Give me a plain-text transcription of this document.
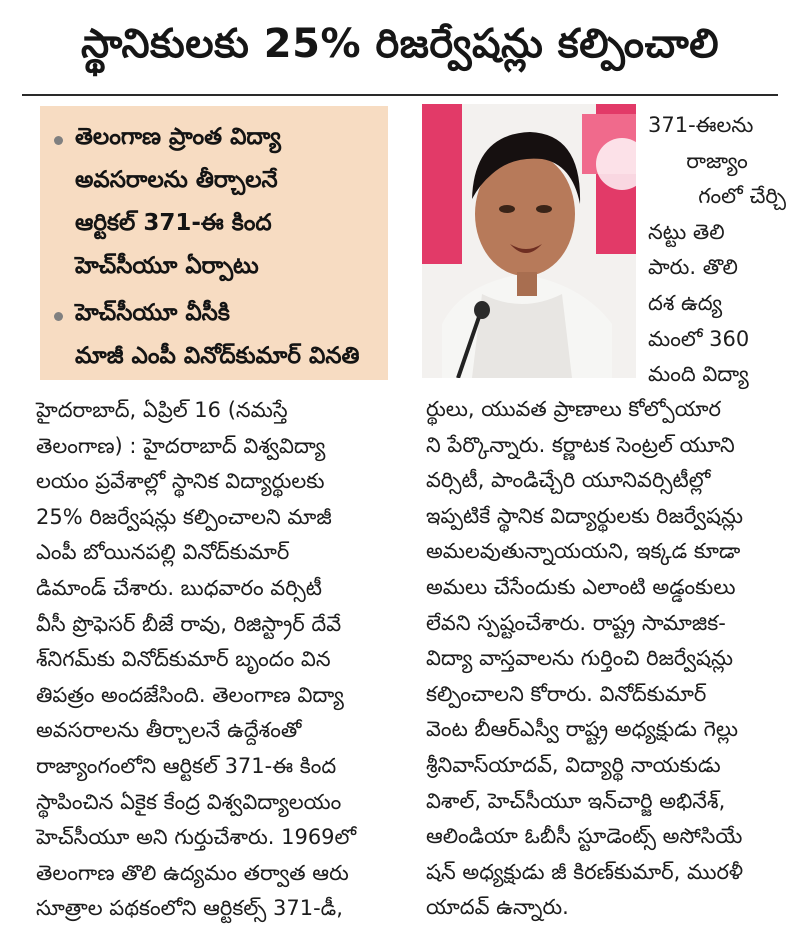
స్థానికులకు 25% రిజర్వేషన్లు కల్పించాలి
తెలంగాణ ప్రాంత విద్యా
అవసరాలను తీర్చాలనే
ఆర్టికల్ 371-ఈ కింద
హెచ్‌సీయూ ఏర్పాటు
హెచ్‌సీయూ వీసీకి
మాజీ ఎంపీ వినోద్‌కుమార్ వినతి
371-ఈలను
రాజ్యాం
గంలో చేర్చి
నట్టు తెలి
పారు. తొలి
దశ ఉద్య
మంలో 360
మంది విద్యా
హైదరాబాద్, ఏప్రిల్ 16 (నమస్తే
తెలంగాణ) : హైదరాబాద్ విశ్వవిద్యా
లయం ప్రవేశాల్లో స్థానిక విద్యార్థులకు
25% రిజర్వేషన్లు కల్పించాలని మాజీ
ఎంపీ బోయినపల్లి వినోద్‌కుమార్
డిమాండ్ చేశారు. బుధవారం వర్సిటీ
వీసీ ప్రొఫెసర్ బీజే రావు, రిజిస్ట్రార్ దేవే
శ్‌నిగమ్‌కు వినోద్‌కుమార్ బృందం విన
తిపత్రం అందజేసింది. తెలంగాణ విద్యా
అవసరాలను తీర్చాలనే ఉద్దేశంతో
రాజ్యాంగంలోని ఆర్టికల్ 371-ఈ కింద
స్థాపించిన ఏకైక కేంద్ర విశ్వవిద్యాలయం
హెచ్‌సీయూ అని గుర్తుచేశారు. 1969లో
తెలంగాణ తొలి ఉద్యమం తర్వాత ఆరు
సూత్రాల పథకంలోని ఆర్టికల్స్ 371-డీ,
ర్థులు, యువత ప్రాణాలు కోల్పోయార
ని పేర్కొన్నారు. కర్ణాటక సెంట్రల్ యూని
వర్సిటీ, పాండిచ్చేరి యూనివర్సిటీల్లో
ఇప్పటికే స్థానిక విద్యార్థులకు రిజర్వేషన్లు
అమలవుతున్నాయయని, ఇక్కడ కూడా
అమలు చేసేందుకు ఎలాంటి అడ్డంకులు
లేవని స్పష్టంచేశారు. రాష్ట్ర సామాజిక-
విద్యా వాస్తవాలను గుర్తించి రిజర్వేషన్లు
కల్పించాలని కోరారు. వినోద్‌కుమార్
వెంట బీఆర్‌ఎస్వీ రాష్ట్ర అధ్యక్షుడు గెల్లు
శ్రీనివాస్‌యాదవ్, విద్యార్థి నాయకుడు
విశాల్, హెచ్‌సీయూ ఇన్‌చార్జి అభినేశ్,
ఆలిండియా ఓబీసీ స్టూడెంట్స్ అసోసియే
షన్ అధ్యక్షుడు జీ కిరణ్‌కుమార్, మురళీ
యాదవ్ ఉన్నారు.
